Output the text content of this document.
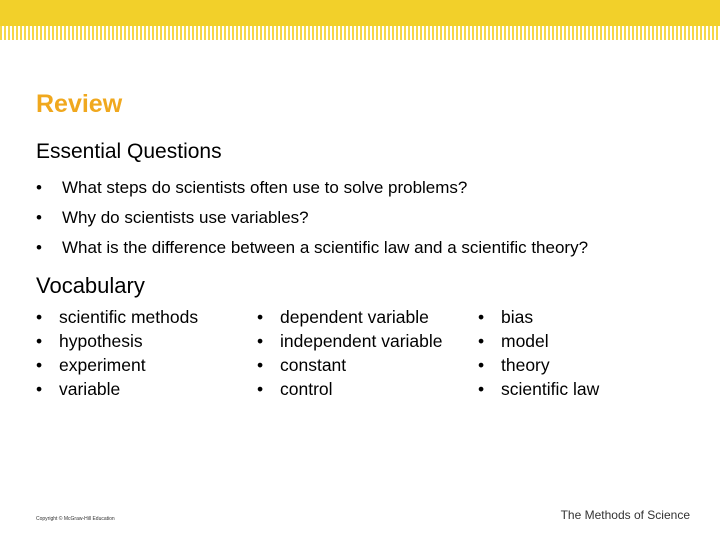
Review
Essential Questions
• What steps do scientists often use to solve problems?
• Why do scientists use variables?
• What is the difference between a scientific law and a scientific theory?
Vocabulary
• scientific methods
• hypothesis
• experiment
• variable
• dependent variable
• independent variable
• constant
• control
• bias
• model
• theory
• scientific law
Copyright © McGraw-Hill Education	The Methods of Science
